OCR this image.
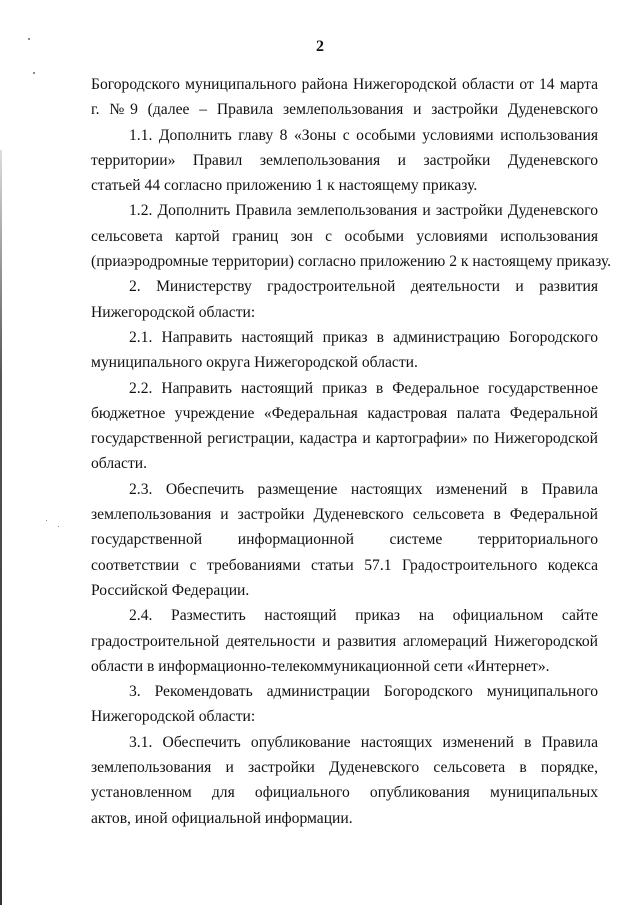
2
Богородского муниципального района Нижегородской области от 14 марта
г. №9 (далее – Правила землепользования и застройки Дуденевского
1.1. Дополнить главу 8 «Зоны с особыми условиями использования
территории» Правил землепользования и застройки Дуденевского
статьей 44 согласно приложению 1 к настоящему приказу.
1.2. Дополнить Правила землепользования и застройки Дуденевского
сельсовета картой границ зон с особыми условиями использования
(приаэродромные территории) согласно приложению 2 к настоящему приказу.
2. Министерству градостроительной деятельности и развития
Нижегородской области:
2.1. Направить настоящий приказ в администрацию Богородского
муниципального округа Нижегородской области.
2.2. Направить настоящий приказ в Федеральное государственное
бюджетное учреждение «Федеральная кадастровая палата Федеральной
государственной регистрации, кадастра и картографии» по Нижегородской
области.
2.3. Обеспечить размещение настоящих изменений в Правила
землепользования и застройки Дуденевского сельсовета в Федеральной
государственной информационной системе территориального
соответствии с требованиями статьи 57.1 Градостроительного кодекса
Российской Федерации.
2.4. Разместить настоящий приказ на официальном сайте
градостроительной деятельности и развития агломераций Нижегородской
области в информационно-телекоммуникационной сети «Интернет».
3. Рекомендовать администрации Богородского муниципального
Нижегородской области:
3.1. Обеспечить опубликование настоящих изменений в Правила
землепользования и застройки Дуденевского сельсовета в порядке,
установленном для официального опубликования муниципальных
актов, иной официальной информации.
